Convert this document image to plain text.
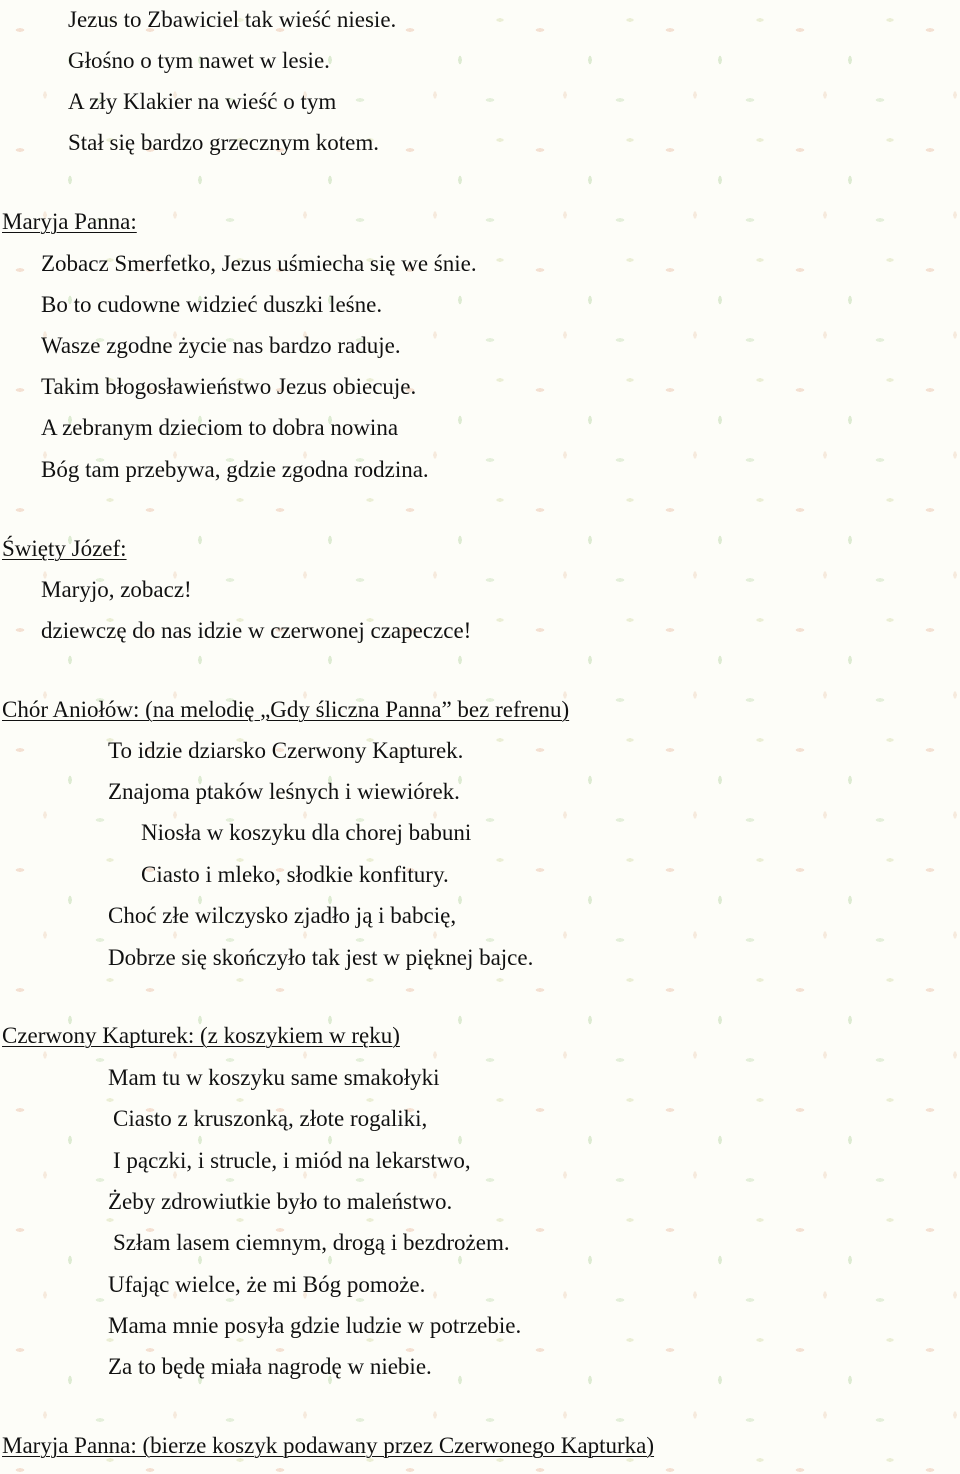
Jezus to Zbawiciel tak wieść niesie.
Głośno o tym nawet w lesie.
A zły Klakier na wieść o tym
Stał się bardzo grzecznym kotem.
Maryja Panna:
Zobacz Smerfetko, Jezus uśmiecha się we śnie.
Bo to cudowne widzieć duszki leśne.
Wasze zgodne życie nas bardzo raduje.
Takim błogosławieństwo Jezus obiecuje.
A zebranym dzieciom to dobra nowina
Bóg tam przebywa, gdzie zgodna rodzina.
Święty Józef:
Maryjo, zobacz!
dziewczę do nas idzie w czerwonej czapeczce!
Chór Aniołów: (na melodię „Gdy śliczna Panna” bez refrenu)
To idzie dziarsko Czerwony Kapturek.
Znajoma ptaków leśnych i wiewiórek.
Niosła w koszyku dla chorej babuni
Ciasto i mleko, słodkie konfitury.
Choć złe wilczysko zjadło ją i babcię,
Dobrze się skończyło tak jest w pięknej bajce.
Czerwony Kapturek: (z koszykiem w ręku)
Mam tu w koszyku same smakołyki
Ciasto z kruszonką, złote rogaliki,
I pączki, i strucle, i miód na lekarstwo,
Żeby zdrowiutkie było to maleństwo.
Szłam lasem ciemnym, drogą i bezdrożem.
Ufając wielce, że mi Bóg pomoże.
Mama mnie posyła gdzie ludzie w potrzebie.
Za to będę miała nagrodę w niebie.
Maryja Panna: (bierze koszyk podawany przez Czerwonego Kapturka)
